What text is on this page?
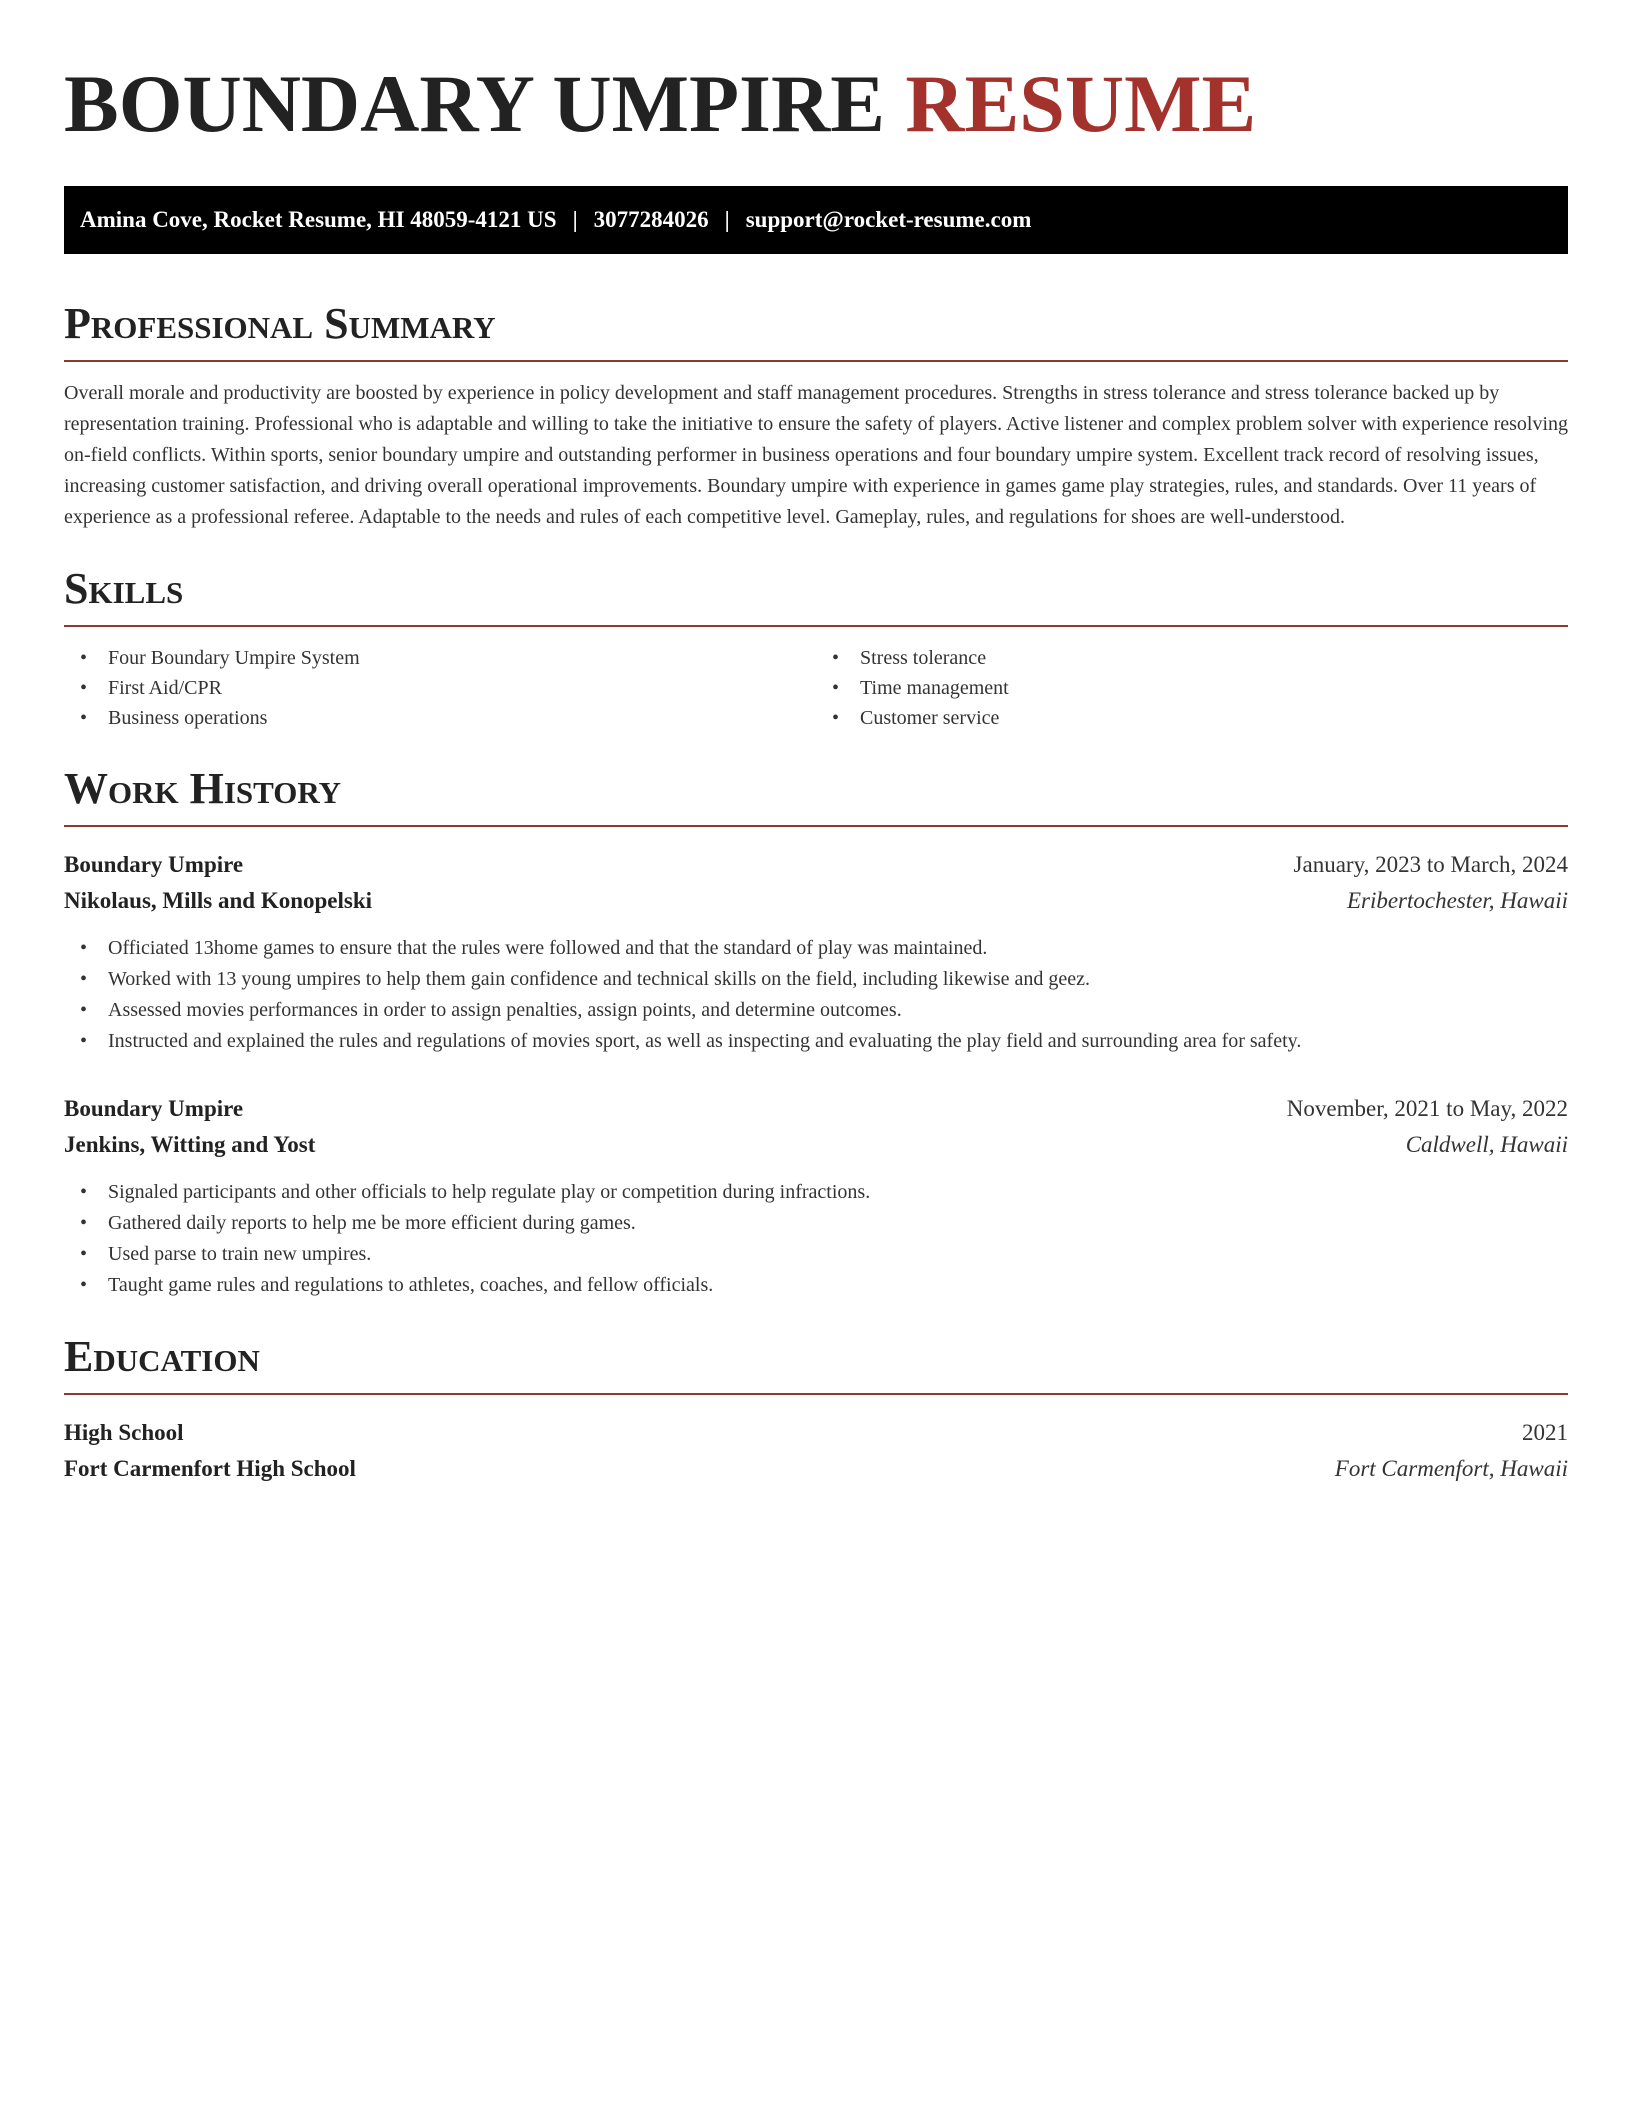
BOUNDARY UMPIRE RESUME
Amina Cove, Rocket Resume, HI 48059-4121 US | 3077284026 | support@rocket-resume.com
Professional Summary

Overall morale and productivity are boosted by experience in policy development and staff management procedures. Strengths in stress tolerance and stress tolerance backed up by representation training. Professional who is adaptable and willing to take the initiative to ensure the safety of players. Active listener and complex problem solver with experience resolving on-field conflicts. Within sports, senior boundary umpire and outstanding performer in business operations and four boundary umpire system. Excellent track record of resolving issues, increasing customer satisfaction, and driving overall operational improvements. Boundary umpire with experience in games game play strategies, rules, and standards. Over 11 years of experience as a professional referee. Adaptable to the needs and rules of each competitive level. Gameplay, rules, and regulations for shoes are well-understood.

Skills
• Four Boundary Umpire System
• First Aid/CPR
• Business operations
• Stress tolerance
• Time management
• Customer service
Work History
Boundary Umpire	January, 2023 to March, 2024
Nikolaus, Mills and Konopelski	Eribertochester, Hawaii
• Officiated 13home games to ensure that the rules were followed and that the standard of play was maintained.
• Worked with 13 young umpires to help them gain confidence and technical skills on the field, including likewise and geez.
• Assessed movies performances in order to assign penalties, assign points, and determine outcomes.
• Instructed and explained the rules and regulations of movies sport, as well as inspecting and evaluating the play field and surrounding area for safety.
Boundary Umpire	November, 2021 to May, 2022
Jenkins, Witting and Yost	Caldwell, Hawaii
• Signaled participants and other officials to help regulate play or competition during infractions.
• Gathered daily reports to help me be more efficient during games.
• Used parse to train new umpires.
• Taught game rules and regulations to athletes, coaches, and fellow officials.
Education
High School	2021
Fort Carmenfort High School	Fort Carmenfort, Hawaii
